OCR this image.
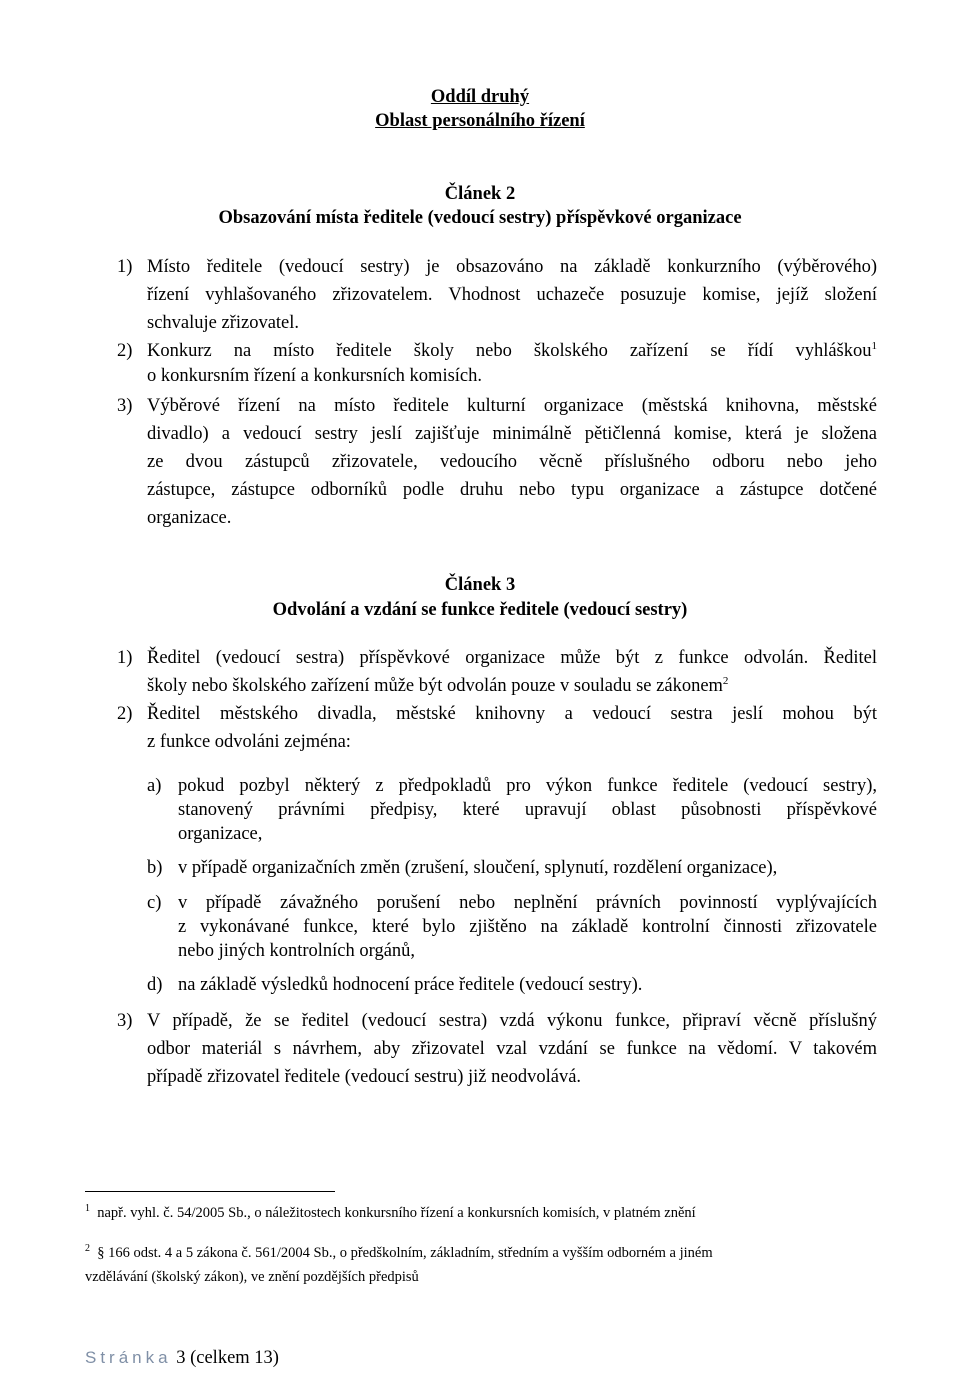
Oddíl druhý
Oblast personálního řízení
Článek 2
Obsazování místa ředitele (vedoucí sestry) příspěvkové organizace
1) Místo ředitele (vedoucí sestry) je obsazováno na základě konkurzního (výběrového)
řízení vyhlašovaného zřizovatelem. Vhodnost uchazeče posuzuje komise, jejíž složení
schvaluje zřizovatel.
2) Konkurz na místo ředitele školy nebo školského zařízení se řídí vyhláškou$^1$
o konkursním řízení a konkursních komisích.
3) Výběrové řízení na místo ředitele kulturní organizace (městská knihovna, městské
divadlo) a vedoucí sestry jeslí zajišťuje minimálně pětičlenná komise, která je složena
ze dvou zástupců zřizovatele, vedoucího věcně příslušného odboru nebo jeho
zástupce, zástupce odborníků podle druhu nebo typu organizace a zástupce dotčené
organizace.
Článek 3
Odvolání a vzdání se funkce ředitele (vedoucí sestry)
1) Ředitel (vedoucí sestra) příspěvkové organizace může být z funkce odvolán. Ředitel
školy nebo školského zařízení může být odvolán pouze v souladu se zákonem$^2$
2) Ředitel městského divadla, městské knihovny a vedoucí sestra jeslí mohou být
z funkce odvoláni zejména:
a) pokud pozbyl některý z předpokladů pro výkon funkce ředitele (vedoucí sestry),
stanovený právními předpisy, které upravují oblast působnosti příspěvkové
organizace,
b) v případě organizačních změn (zrušení, sloučení, splynutí, rozdělení organizace),
c) v případě závažného porušení nebo neplnění právních povinností vyplývajících
z vykonávané funkce, které bylo zjištěno na základě kontrolní činnosti zřizovatele
nebo jiných kontrolních orgánů,
d) na základě výsledků hodnocení práce ředitele (vedoucí sestry).
3) V případě, že se ředitel (vedoucí sestra) vzdá výkonu funkce, připraví věcně příslušný
odbor materiál s návrhem, aby zřizovatel vzal vzdání se funkce na vědomí. V takovém
případě zřizovatel ředitele (vedoucí sestru) již neodvolává.
$^1$ např. vyhl. č. 54/2005 Sb., o náležitostech konkursního řízení a konkursních komisích, v platném znění
$^2$ § 166 odst. 4 a 5 zákona č. 561/2004 Sb., o předškolním, základním, středním a vyšším odborném a jiném
vzdělávání (školský zákon), ve znění pozdějších předpisů
Stránka 3 (celkem 13)
